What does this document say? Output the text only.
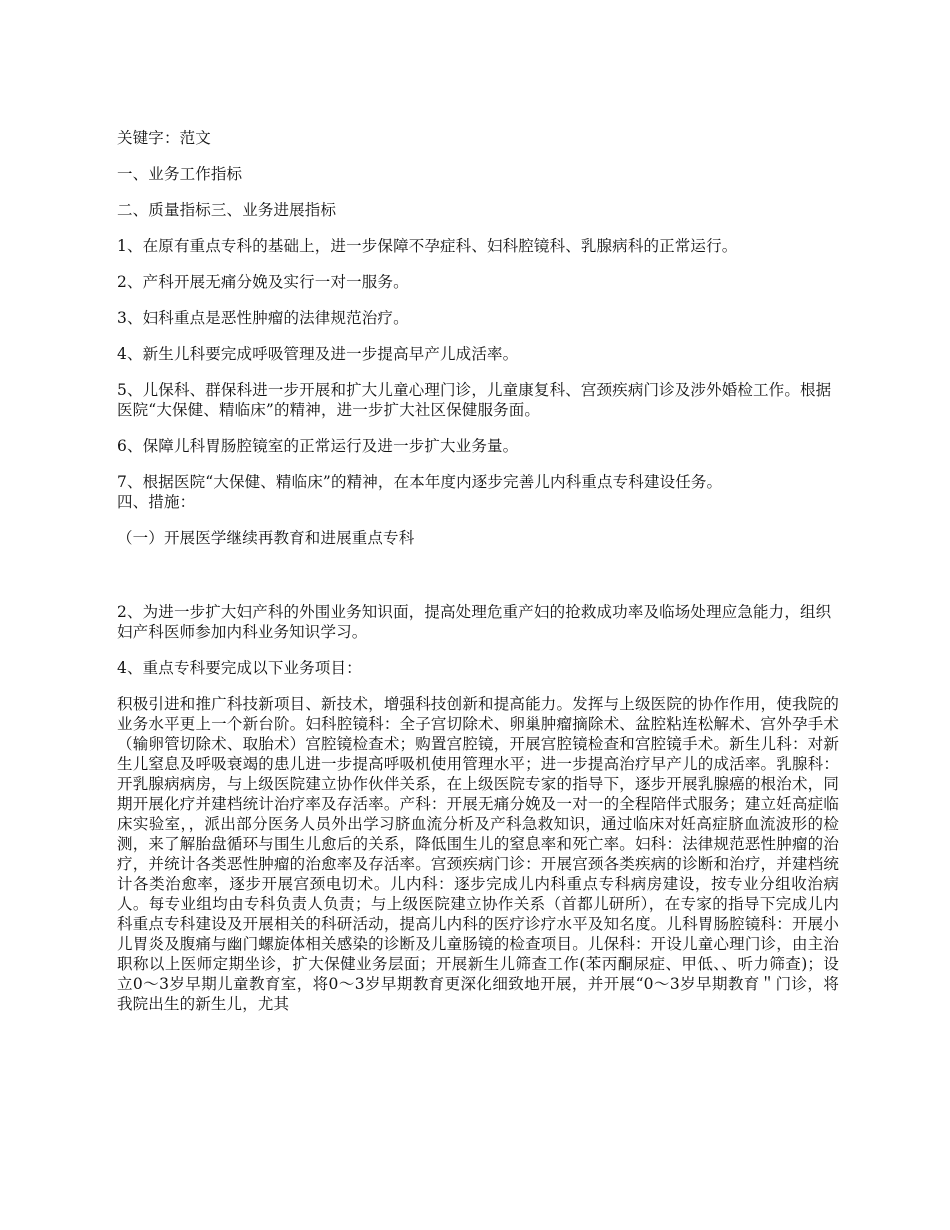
关键字：范文

一、业务工作指标

二、质量指标三、业务进展指标

1、在原有重点专科的基础上，进一步保障不孕症科、妇科腔镜科、乳腺病科的正常运行。

2、产科开展无痛分娩及实行一对一服务。

3、妇科重点是恶性肿瘤的法律规范治疗。

4、新生儿科要完成呼吸管理及进一步提高早产儿成活率。

5、儿保科、群保科进一步开展和扩大儿童心理门诊，儿童康复科、宫颈疾病门诊及涉外婚检工作。根据医院“大保健、精临床”的精神，进一步扩大社区保健服务面。

6、保障儿科胃肠腔镜室的正常运行及进一步扩大业务量。

7、根据医院“大保健、精临床”的精神，在本年度内逐步完善儿内科重点专科建设任务。

四、措施：

（一）开展医学继续再教育和进展重点专科

2、为进一步扩大妇产科的外围业务知识面，提高处理危重产妇的抢救成功率及临场处理应急能力，组织妇产科医师参加内科业务知识学习。

4、重点专科要完成以下业务项目：

积极引进和推广科技新项目、新技术，增强科技创新和提高能力。发挥与上级医院的协作作用，使我院的业务水平更上一个新台阶。妇科腔镜科：全子宫切除术、卵巢肿瘤摘除术、盆腔粘连松解术、宫外孕手术（输卵管切除术、取胎术）宫腔镜检查术；购置宫腔镜，开展宫腔镜检查和宫腔镜手术。新生儿科：对新生儿窒息及呼吸衰竭的患儿进一步提高呼吸机使用管理水平；进一步提高治疗早产儿的成活率。乳腺科：开乳腺病病房，与上级医院建立协作伙伴关系，在上级医院专家的指导下，逐步开展乳腺癌的根治术，同期开展化疗并建档统计治疗率及存活率。产科：开展无痛分娩及一对一的全程陪伴式服务；建立妊高症临床实验室，，派出部分医务人员外出学习脐血流分析及产科急救知识，通过临床对妊高症脐血流波形的检测，来了解胎盘循环与围生儿愈后的关系，降低围生儿的窒息率和死亡率。妇科：法律规范恶性肿瘤的治疗，并统计各类恶性肿瘤的治愈率及存活率。宫颈疾病门诊：开展宫颈各类疾病的诊断和治疗，并建档统计各类治愈率，逐步开展宫颈电切术。儿内科：逐步完成儿内科重点专科病房建设，按专业分组收治病人。每专业组均由专科负责人负责；与上级医院建立协作关系（首都儿研所），在专家的指导下完成儿内科重点专科建设及开展相关的科研活动，提高儿内科的医疗诊疗水平及知名度。儿科胃肠腔镜科：开展小儿胃炎及腹痛与幽门螺旋体相关感染的诊断及儿童肠镜的检查项目。儿保科：开设儿童心理门诊，由主治职称以上医师定期坐诊，扩大保健业务层面；开展新生儿筛查工作(苯丙酮尿症、甲低、、听力筛查)；设立0～3岁早期儿童教育室，将0～3岁早期教育更深化细致地开展，并开展“0～3岁早期教育＂门诊，将我院出生的新生儿，尤其
